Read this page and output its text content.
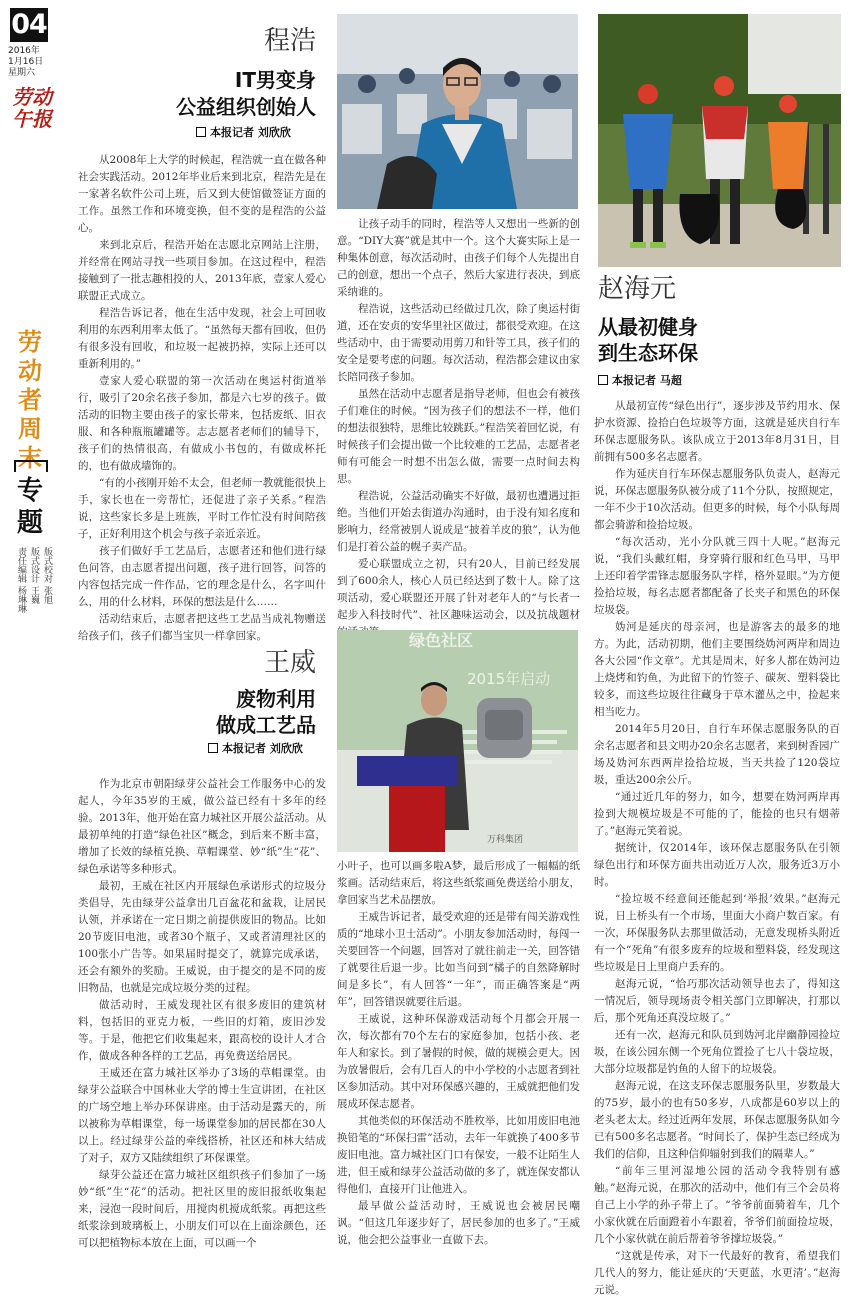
04
2016年
1月16日
星期六
劳动午报
劳动者周末
专题
版式校对 张旭
版式设计 王巍
责任编辑 杨琳琳
程浩
IT男变身
公益组织创始人
本报记者 刘欣欣

从2008年上大学的时候起，程浩就一直在做各种社会实践活动。2012年毕业后来到北京，程浩先是在一家著名软件公司上班，后又到大使馆做签证方面的工作。虽然工作和环境变换，但不变的是程浩的公益心。

来到北京后，程浩开始在志愿北京网站上注册，并经常在网站寻找一些项目参加。在这过程中，程浩接触到了一批志趣相投的人，2013年底，壹家人爱心联盟正式成立。

程浩告诉记者，他在生活中发现，社会上可回收利用的东西利用率太低了。“虽然每天都有回收，但仍有很多没有回收，和垃圾一起被扔掉，实际上还可以重新利用的。”

壹家人爱心联盟的第一次活动在奥运村街道举行，吸引了20余名孩子参加，都是六七岁的孩子。做活动的旧物主要由孩子的家长带来，包括废纸、旧衣服、和各种瓶瓶罐罐等。志志愿者老师们的辅导下，孩子们的热情很高，有做成小书包的，有做成杯托的，也有做成墙饰的。

“有的小孩刚开始不太会，但老师一教就能很快上手，家长也在一旁帮忙，还促进了亲子关系。”程浩说，这些家长多是上班族，平时工作忙没有时间陪孩子，正好利用这个机会与孩子亲近亲近。

孩子们做好手工艺品后，志愿者还和他们进行绿色问答，由志愿者提出问题，孩子进行回答，问答的内容包括完成一件作品，它的理念是什么，名字叫什么，用的什么材料，环保的想法是什么……

活动结束后，志愿者把这些工艺品当成礼物赠送给孩子们，孩子们都当宝贝一样拿回家。

让孩子动手的同时，程浩等人又想出一些新的创意。“DIY大赛”就是其中一个。这个大赛实际上是一种集体创意，每次活动时，由孩子们每个人先提出自己的创意，想出一个点子，然后大家进行表决，到底采纳谁的。

程浩说，这些活动已经做过几次，除了奥运村街道，还在安贞的安华里社区做过，都很受欢迎。在这些活动中，由于需要动用剪刀和针等工具，孩子们的安全是要考虑的问题。每次活动，程浩都会建议由家长陪同孩子参加。

虽然在活动中志愿者是指导老师，但也会有被孩子们难住的时候。“因为孩子们的想法不一样，他们的想法很独特，思维比较跳跃。”程浩笑着回忆说，有时候孩子们会提出做一个比较难的工艺品，志愿者老师有可能会一时想不出怎么做，需要一点时间去构思。

程浩说，公益活动确实不好做，最初也遭遇过拒绝。当他们开始去街道办沟通时，由于没有知名度和影响力，经常被别人说成是“披着羊皮的狼”，认为他们是打着公益的幌子卖产品。

爱心联盟成立之初，只有20人，目前已经发展到了600余人，核心人员已经达到了数十人。除了这项活动，爱心联盟还开展了针对老年人的“与长者一起步入科技时代”、社区趣味运动会，以及抗战题材

王威
废物利用
做成工艺品
本报记者 刘欣欣

作为北京市朝阳绿芽公益社会工作服务中心的发起人，今年35岁的王威，做公益已经有十多年的经验。2013年，他开始在富力城社区开展公益活动。从最初单纯的打造“绿色社区”概念，到后来不断丰富，增加了长效的绿植兑换、草帽课堂、妙“纸”生“花”、绿色承诺等多种形式。

最初，王威在社区内开展绿色承诺形式的垃圾分类倡导，先由绿芽公益拿出几百盆花和盆栽，让居民认领，并承诺在一定日期之前提供废旧的物品。比如20节废旧电池，或者30个瓶子，又或者清理社区的100张小广告等。如果届时提交了，就算完成承诺，还会有额外的奖励。王威说，由于提交的是不同的废旧物品，也就是完成垃圾分类的过程。

做活动时，王威发现社区有很多废旧的建筑材料，包括旧的亚克力板，一些旧的灯箱，废旧沙发等。于是，他把它们收集起来，跟高校的设计人才合作，做成各种各样的工艺品，再免费送给居民。

王威还在富力城社区举办了3场的草帽课堂。由绿芽公益联合中国林业大学的博士生宣讲团，在社区的广场空地上举办环保讲座。由于活动是露天的，所以被称为草帽课堂，每一场课堂参加的居民都在30人以上。经过绿芽公益的牵线搭桥，社区还和林大结成了对子，双方又陆续组织了环保课堂。

绿芽公益还在富力城社区组织孩子们参加了一场妙“纸”生“花”的活动。把社区里的废旧报纸收集起来，浸泡一段时间后，用搅肉机搅成纸浆。再把这些纸浆涂到玻璃板上，小朋友们可以在上面涂颜色，还可以把植物标本放在上面，可以画一个

绿色社区
2015年启动
万科集团

小叶子，也可以画多啦A梦，最后形成了一幅幅的纸浆画。活动结束后，将这些纸浆画免费送给小朋友，拿回家当艺术品摆放。

王威告诉记者，最受欢迎的还是带有闯关游戏性质的“地球小卫士活动”。小朋友参加活动时，每闯一关要回答一个问题，回答对了就往前走一关，回答错了就要往后退一步。比如当问到“橘子的自然降解时间是多长”，有人回答“一年”，而正确答案是“两年”，回答错误就要往后退。

王威说，这种环保游戏活动每个月都会开展一次，每次都有70个左右的家庭参加，包括小孩、老年人和家长。到了暑假的时候，做的规模会更大。因为放暑假后，会有几百人的中小学校的小志愿者到社区参加活动。其中对环保感兴趣的，王威就把他们发展成环保志愿者。

其他类似的环保活动不胜枚举，比如用废旧电池换铅笔的“环保扫雷”活动，去年一年就换了400多节废旧电池。富力城社区门口有保安，一般不让陌生人进，但王威和绿芽公益活动做的多了，就连保安都认得他们，直接开门让他进入。

最早做公益活动时，王威说也会被居民嘲讽。“但这几年逐步好了，居民参加的也多了。”王威说，他会把公益事业一直做下去。

赵海元
从最初健身
到生态环保
本报记者 马超

从最初宣传“绿色出行”，逐步涉及节约用水、保护水资源、捡拾白色垃圾等方面，这就是延庆自行车环保志愿服务队。该队成立于2013年8月31日，目前拥有500多名志愿者。

作为延庆自行车环保志愿服务队负责人，赵海元说，环保志愿服务队被分成了11个分队，按照规定，一年不少于10次活动。但更多的时候，每个小队每周都会骑游和捡拾垃圾。

“每次活动，光小分队就三四十人呢。”赵海元说，“我们头戴红帽，身穿骑行服和红色马甲，马甲上还印着学雷锋志愿服务队字样，格外显眼。”为方便捡拾垃圾，每名志愿者都配备了长夹子和黑色的环保垃圾袋。

妫河是延庆的母亲河，也是游客去的最多的地方。为此，活动初期，他们主要围绕妫河两岸和周边各大公园“作文章”。尤其是周末，好多人都在妫河边上烧烤和钓鱼，为此留下的竹签子、碳灰、塑料袋比较多，而这些垃圾往往藏身于草木灌丛之中，捡起来相当吃力。

2014年5月20日，自行车环保志愿服务队的百余名志愿者和县文明办20余名志愿者，来到树香园广场及妫河东西两岸捡拾垃圾，当天共捡了120袋垃圾，重达200余公斤。

“通过近几年的努力，如今，想要在妫河两岸再捡到大规模垃圾是不可能的了，能捡的也只有烟蒂了。”赵海元笑着说。

据统计，仅2014年，该环保志愿服务队在引领绿色出行和环保方面共出动近万人次，服务近3万小时。

“捡垃圾不经意间还能起到‘举报’效果。”赵海元说，日上桥头有一个市场，里面大小商户数百家。有一次，环保服务队去那里做活动，无意发现桥头附近有一个“死角”有很多废弃的垃圾和塑料袋，经发现这些垃圾是日上里商户丢弃的。

赵海元说，“恰巧那次活动领导也去了，得知这一情况后，领导现场责令相关部门立即解决，打那以后，那个死角还真没垃圾了。”

还有一次，赵海元和队员到妫河北岸幽静园捡垃圾，在该公园东侧一个死角位置捡了七八十袋垃圾，大部分垃圾都是钓鱼的人留下的垃圾袋。

赵海元说，在这支环保志愿服务队里，岁数最大的75岁，最小的也有50多岁，八成都是60岁以上的老头老太太。经过近两年发展，环保志愿服务队如今已有500多名志愿者。“时间长了，保护生态已经成为我们的信仰，且这种信仰辐射到我们的隔辈人。”

“前年三里河湿地公园的活动令我特别有感触。”赵海元说，在那次的活动中，他们有三个会员将自己上小学的孙子带上了。“爷爷前面骑着车，几个小家伙就在后面蹬着小车跟着，爷爷们前面捡垃圾，几个小家伙就在前后帮着爷爷撑垃圾袋。”

“这就是传承，对下一代最好的教育，希望我们几代人的努力，能让延庆的‘天更蓝，水更清’。”赵海元说。
